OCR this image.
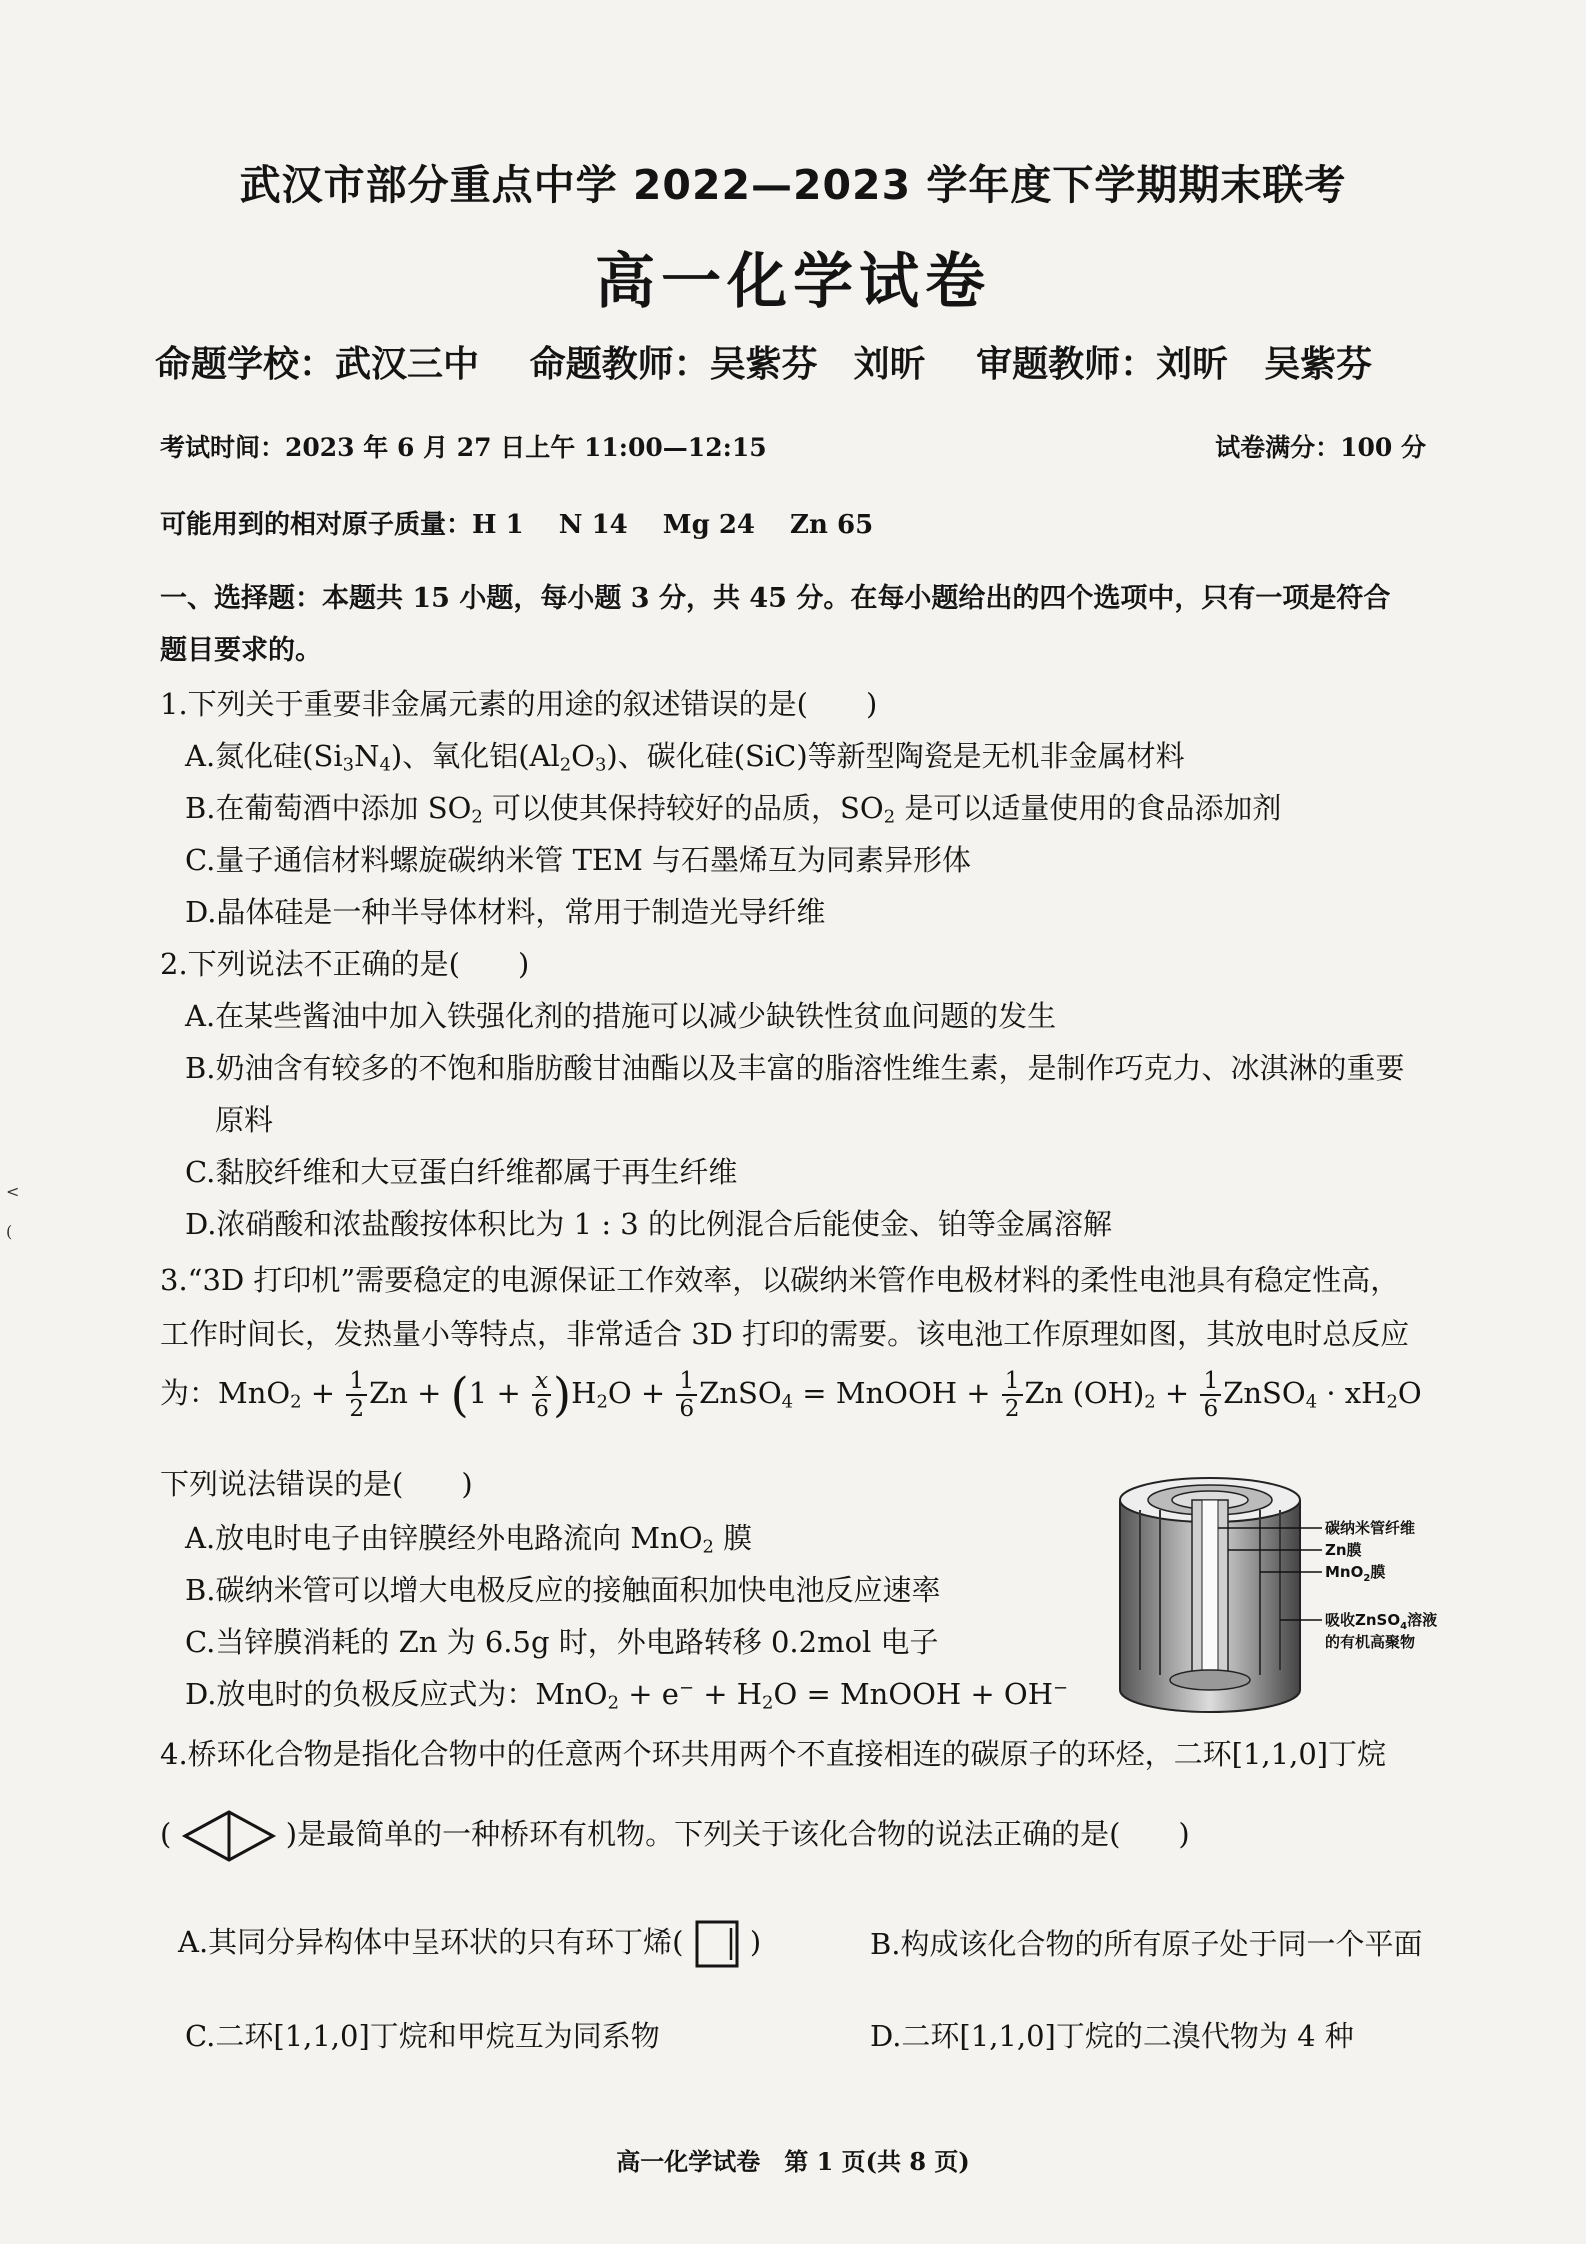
武汉市部分重点中学 2022—2023 学年度下学期期末联考
高一化学试卷
命题学校：武汉三中 命题教师：吴紫芬　刘昕 审题教师：刘昕　吴紫芬
考试时间：2023 年 6 月 27 日上午 11:00—12:15	试卷满分：100 分
可能用到的相对原子质量：H 1　 N 14　 Mg 24　 Zn 65
一、选择题：本题共 15 小题，每小题 3 分，共 45 分。在每小题给出的四个选项中，只有一项是符合
题目要求的。
1.下列关于重要非金属元素的用途的叙述错误的是(　　)
A.氮化硅$(Si_3N_4)$、氧化铝$(Al_2O_3)$、碳化硅(SiC)等新型陶瓷是无机非金属材料
B.在葡萄酒中添加 $SO_2$ 可以使其保持较好的品质，$SO_2$ 是可以适量使用的食品添加剂
C.量子通信材料螺旋碳纳米管 TEM 与石墨烯互为同素异形体
D.晶体硅是一种半导体材料，常用于制造光导纤维
2.下列说法不正确的是(　　)
A.在某些酱油中加入铁强化剂的措施可以减少缺铁性贫血问题的发生
B.奶油含有较多的不饱和脂肪酸甘油酯以及丰富的脂溶性维生素，是制作巧克力、冰淇淋的重要
原料
C.黏胶纤维和大豆蛋白纤维都属于再生纤维
D.浓硝酸和浓盐酸按体积比为 1 : 3 的比例混合后能使金、铂等金属溶解
3.“3D 打印机”需要稳定的电源保证工作效率，以碳纳米管作电极材料的柔性电池具有稳定性高，
工作时间长，发热量小等特点，非常适合 3D 打印的需要。该电池工作原理如图，其放电时总反应
为：$MnO_2 + \frac{1}{2}$ $Zn + (1 + \frac{x}{6} )H_2O + \frac{1}{6}$ ZnSO$_4$ = MnOOH + $\frac{1}{2}$ Zn $(OH)_2 + \frac{1}{6}$ ZnSO$_4$ · $xH_2O$
下列说法错误的是(　　)
A.放电时电子由锌膜经外电路流向 MnO$_2$ 膜
B.碳纳米管可以增大电极反应的接触面积加快电池反应速率
C.当锌膜消耗的 Zn 为 6.5g 时，外电路转移 0.2mol 电子
D.放电时的负极反应式为：$MnO_2 + e^- + H_2O$ = MnOOH + OH−
碳纳米管纤维
Zn膜
MnO$_2$膜
吸收ZnSO$_4$溶液
的有机高聚物
4.桥环化合物是指化合物中的任意两个环共用两个不直接相连的碳原子的环烃，二环[1,1,0]丁烷
(	)是最简单的一种桥环有机物。下列关于该化合物的说法正确的是(　　)
A.其同分异构体中呈环状的只有环丁烯( )	B.构成该化合物的所有原子处于同一个平面
C.二环[1,1,0]丁烷和甲烷互为同系物	D.二环[1,1,0]丁烷的二溴代物为 4 种
高一化学试卷　第 1 页(共 8 页)
<
(
